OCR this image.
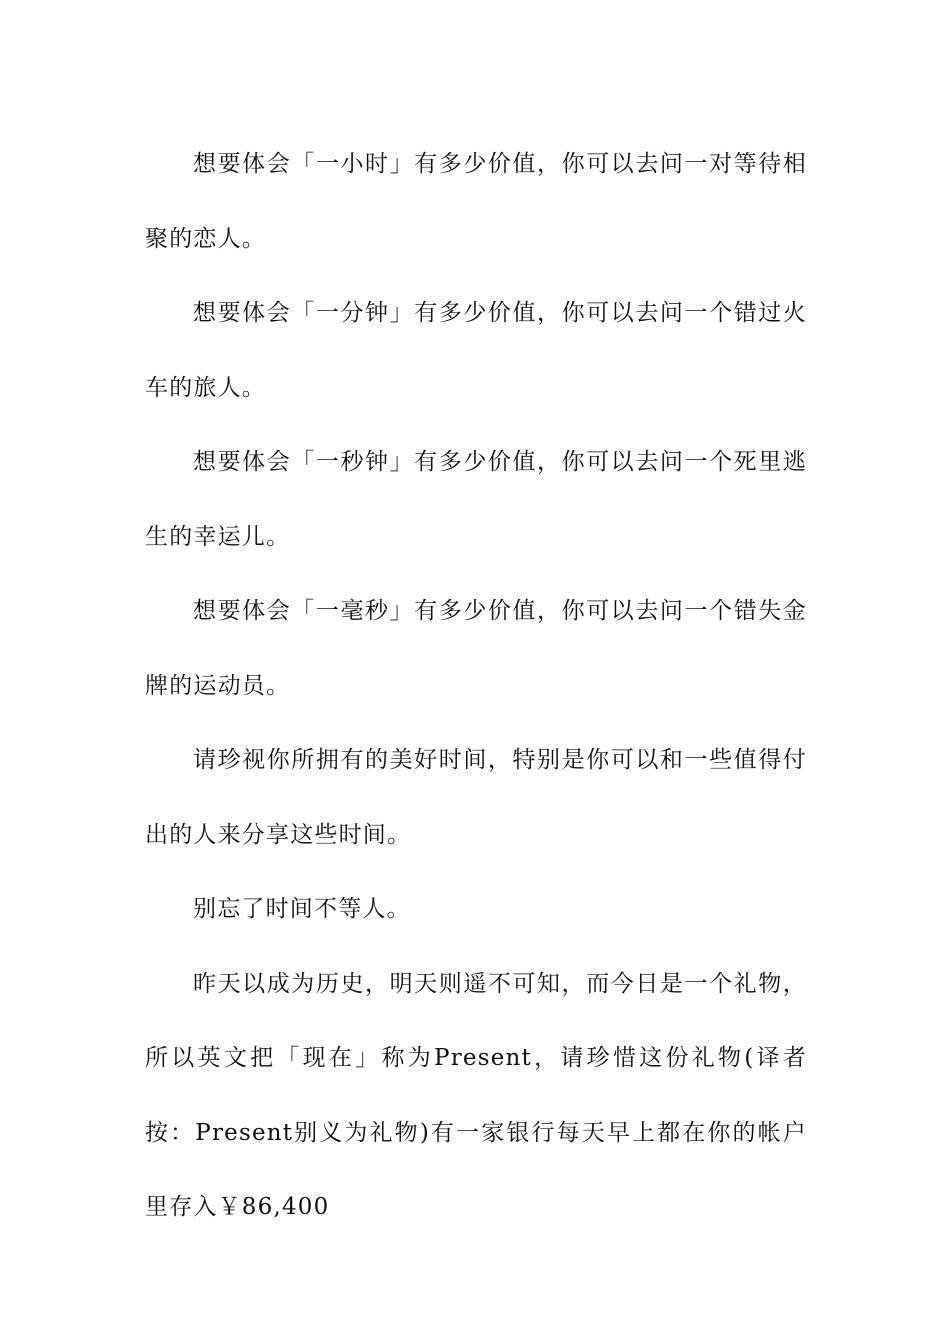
想要体会「一小时」有多少价值，你可以去问一对等待相聚的恋人。

想要体会「一分钟」有多少价值，你可以去问一个错过火车的旅人。

想要体会「一秒钟」有多少价值，你可以去问一个死里逃生的幸运儿。

想要体会「一毫秒」有多少价值，你可以去问一个错失金牌的运动员。

请珍视你所拥有的美好时间，特别是你可以和一些值得付出的人来分享这些时间。

别忘了时间不等人。

昨天以成为历史，明天则遥不可知，而今日是一个礼物，所以英文把「现在」称为Present，请珍惜这份礼物(译者按：Present别义为礼物)有一家银行每天早上都在你的帐户里存入￥86,400
